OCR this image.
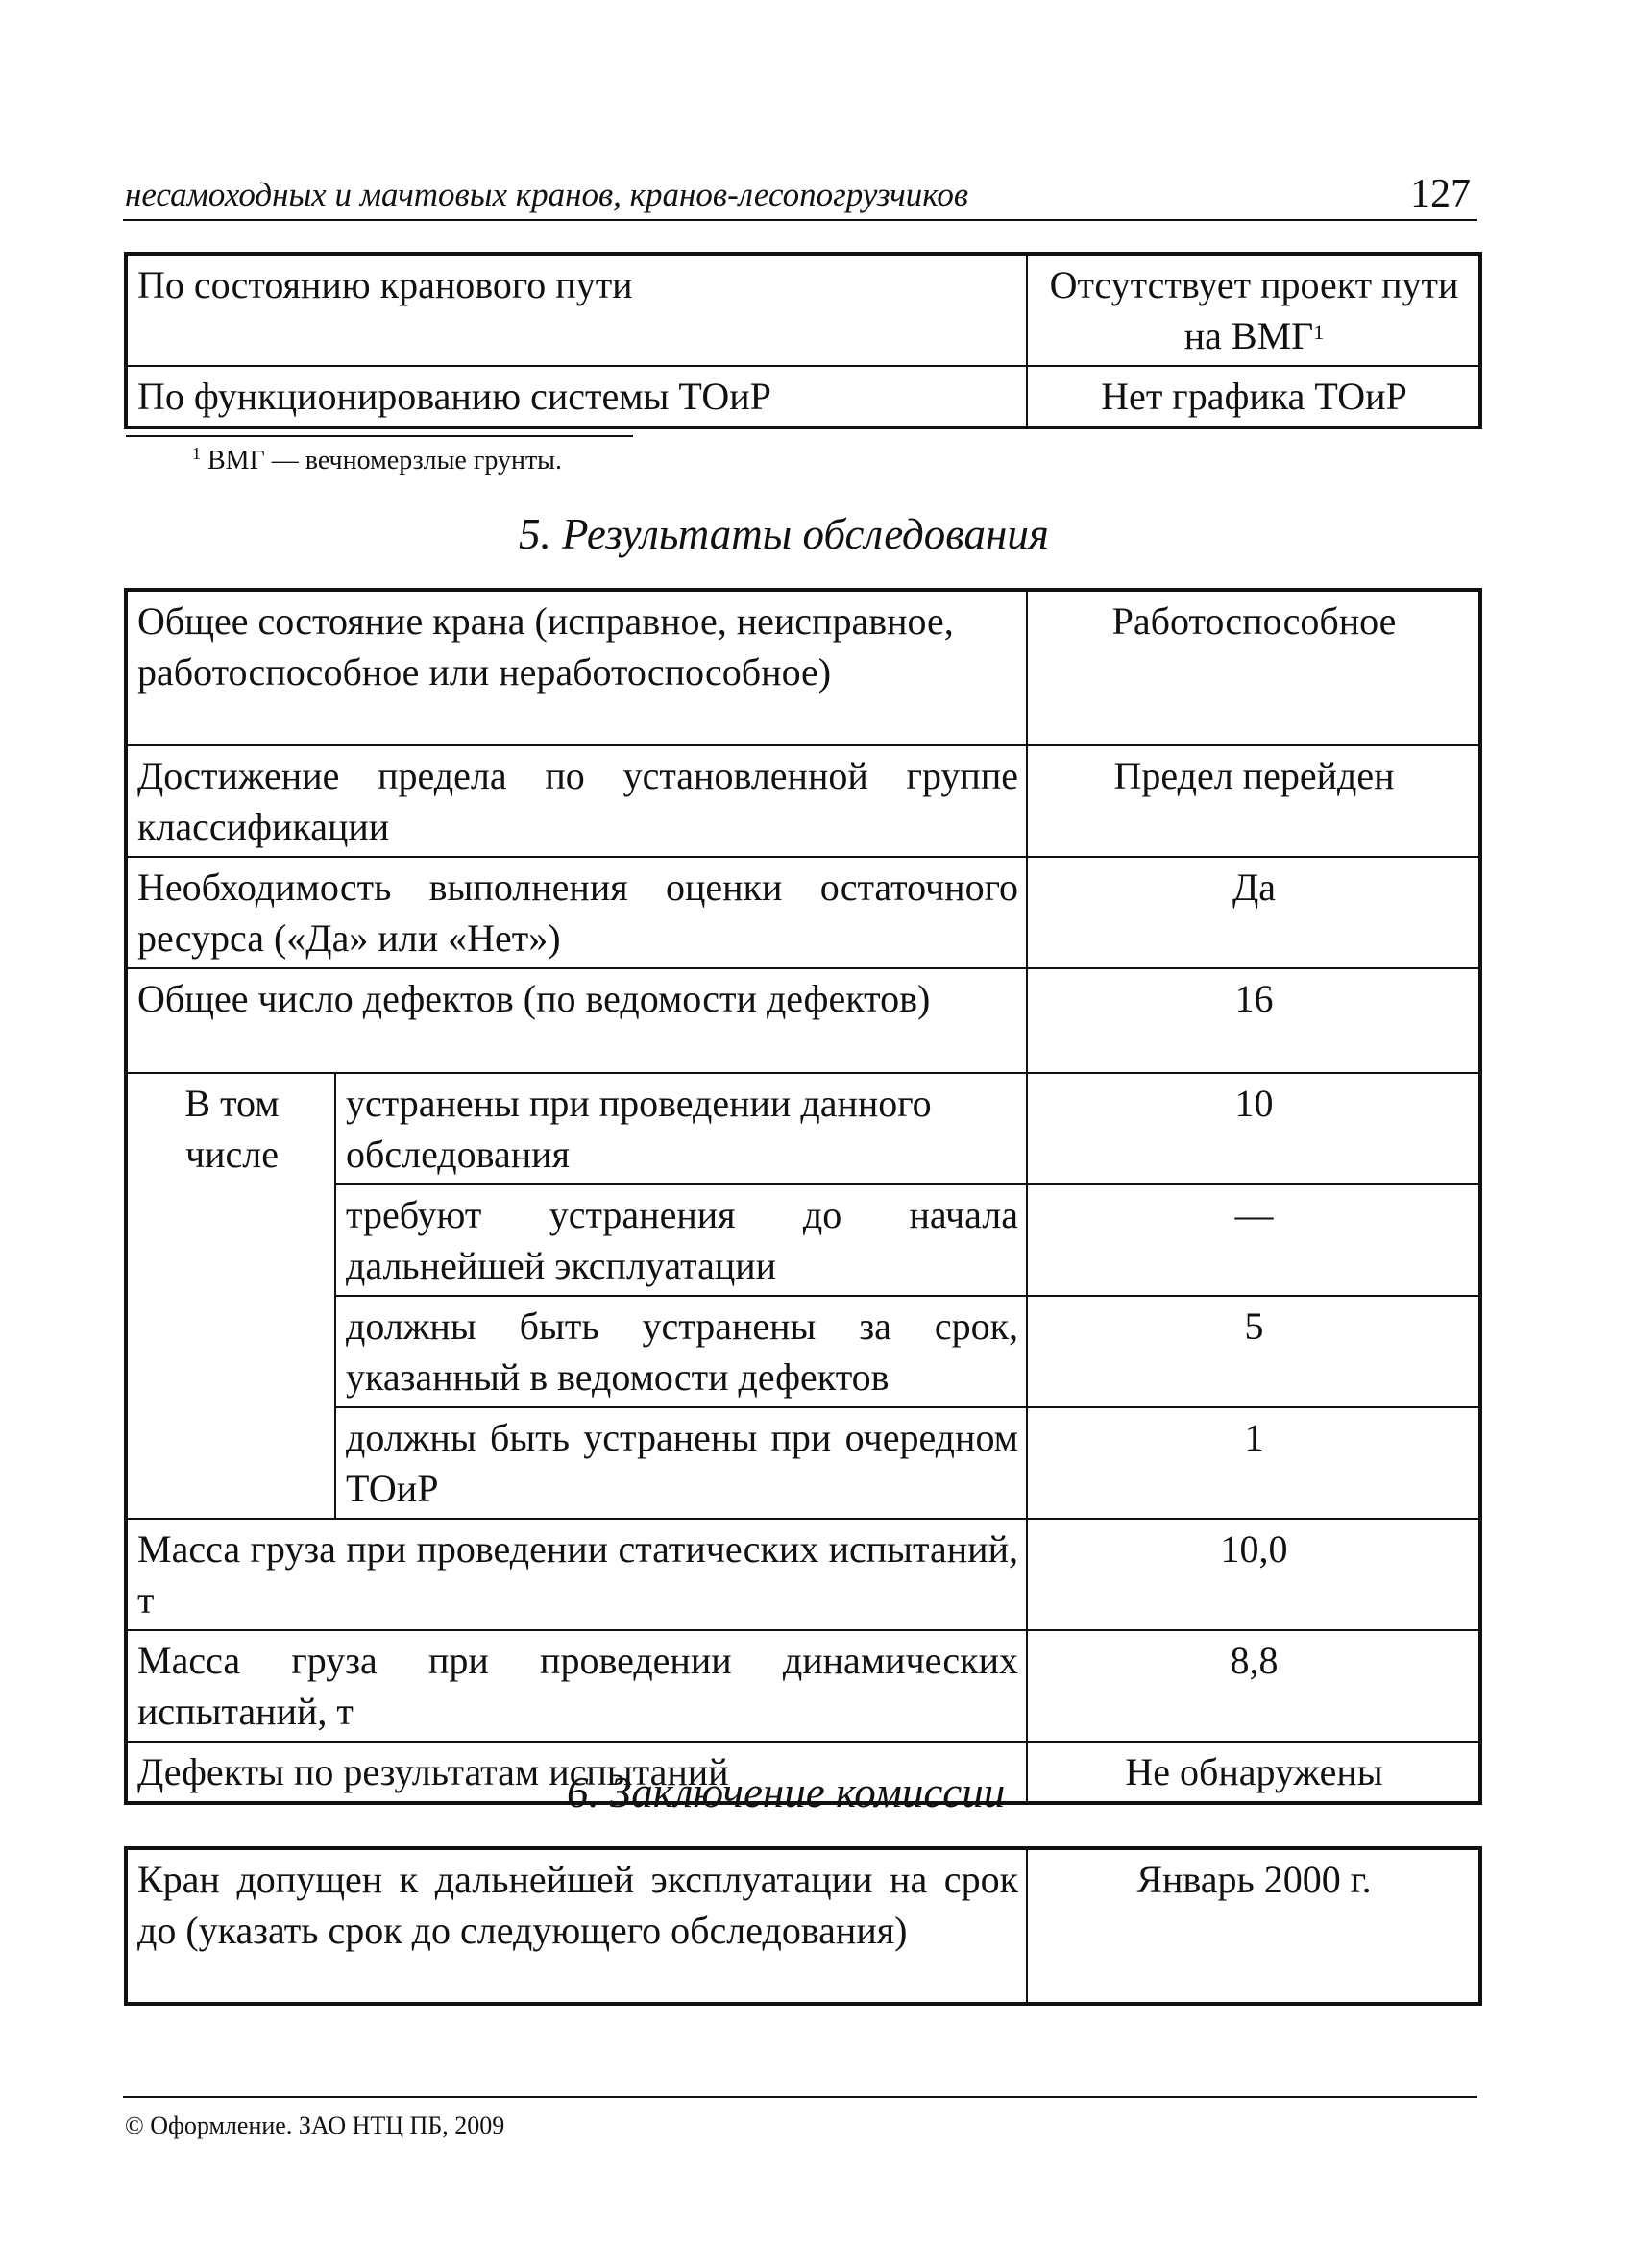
несамоходных и мачтовых кранов, кранов-лесопогрузчиков	127
По состоянию кранового пути	Отсутствует проект пути на ВМГ$^1$
По функционированию системы ТОиР	Нет графика ТОиР
$^1$ ВМГ — вечномерзлые грунты.
5. Результаты обследования
Общее состояние крана (исправное, неисправное, работоспособное или неработоспособное)		Работоспособное
Достижение предела по установленной группе классификации		Предел перейден
Необходимость выполнения оценки остаточного ресурса («Да» или «Нет»)		Да
Общее число дефектов (по ведомости дефектов)		16

В том числе	устранены при проведении данного обследования	10
	требуют устранения до начала дальнейшей эксплуатации	—
	должны быть устранены за срок, указанный в ведомости дефектов	5
	должны быть устранены при очередном ТОиР	1
Масса груза при проведении статических испытаний, т		10,0
Масса груза при проведении динамических испытаний, т		8,8
Дефекты по результатам испытаний		Не обнаружены
6. Заключение комиссии
Кран допущен к дальнейшей эксплуатации на срок до (указать срок до следующего обследования)	Январь 2000 г.
© Оформление. ЗАО НТЦ ПБ, 2009
